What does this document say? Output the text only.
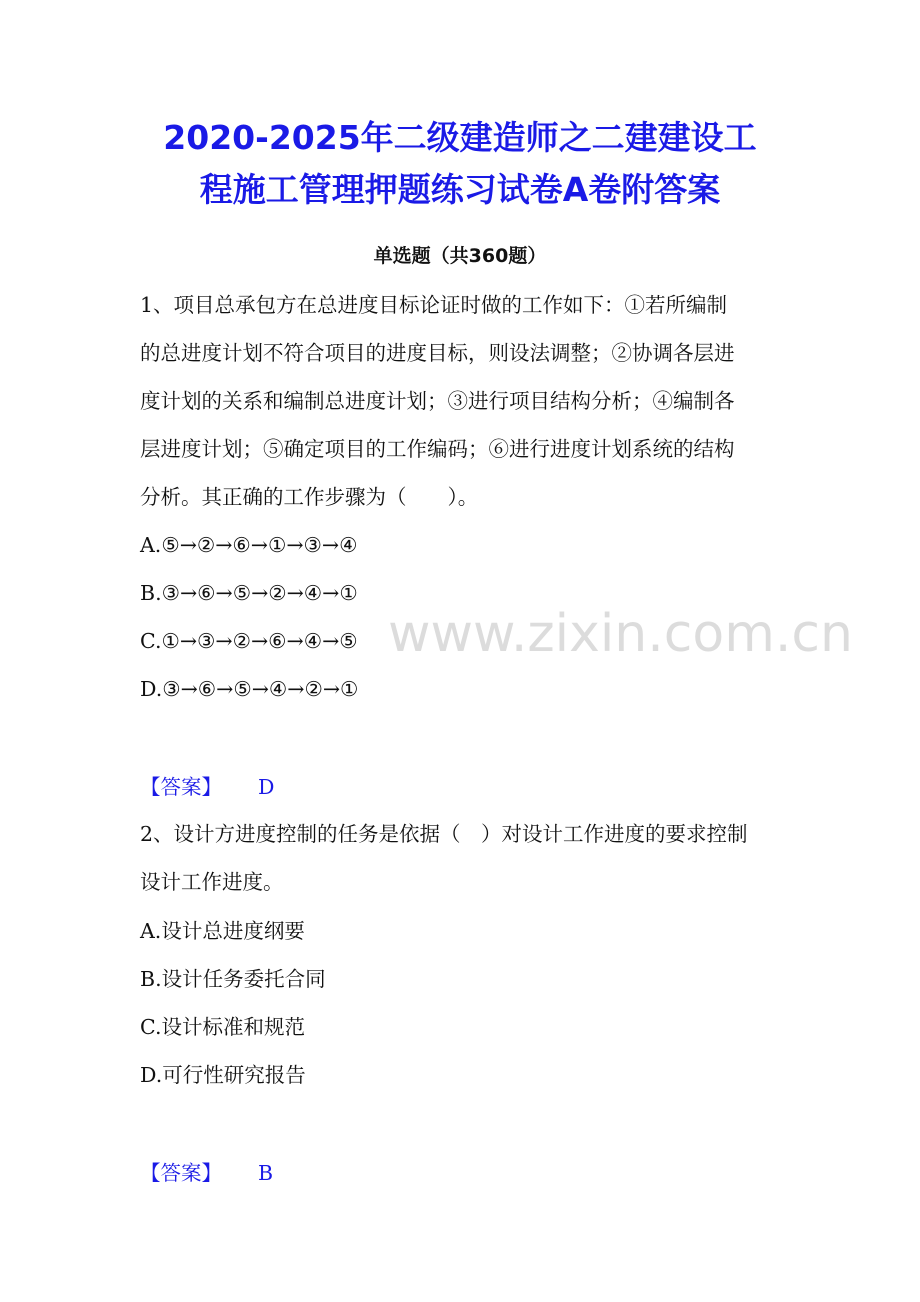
2020-2025年二级建造师之二建建设工
程施工管理押题练习试卷A卷附答案
单选题（共360题）
www.zixin.com.cn
1、项目总承包方在总进度目标论证时做的工作如下：①若所编制
的总进度计划不符合项目的进度目标，则设法调整；②协调各层进
度计划的关系和编制总进度计划；③进行项目结构分析；④编制各
层进度计划；⑤确定项目的工作编码；⑥进行进度计划系统的结构
分析。其正确的工作步骤为（　　）。
A.⑤→②→⑥→①→③→④
B.③→⑥→⑤→②→④→①
C.①→③→②→⑥→④→⑤
D.③→⑥→⑤→④→②→①
【答案】 D
2、设计方进度控制的任务是依据（　）对设计工作进度的要求控制
设计工作进度。
A.设计总进度纲要
B.设计任务委托合同
C.设计标准和规范
D.可行性研究报告
【答案】 B
